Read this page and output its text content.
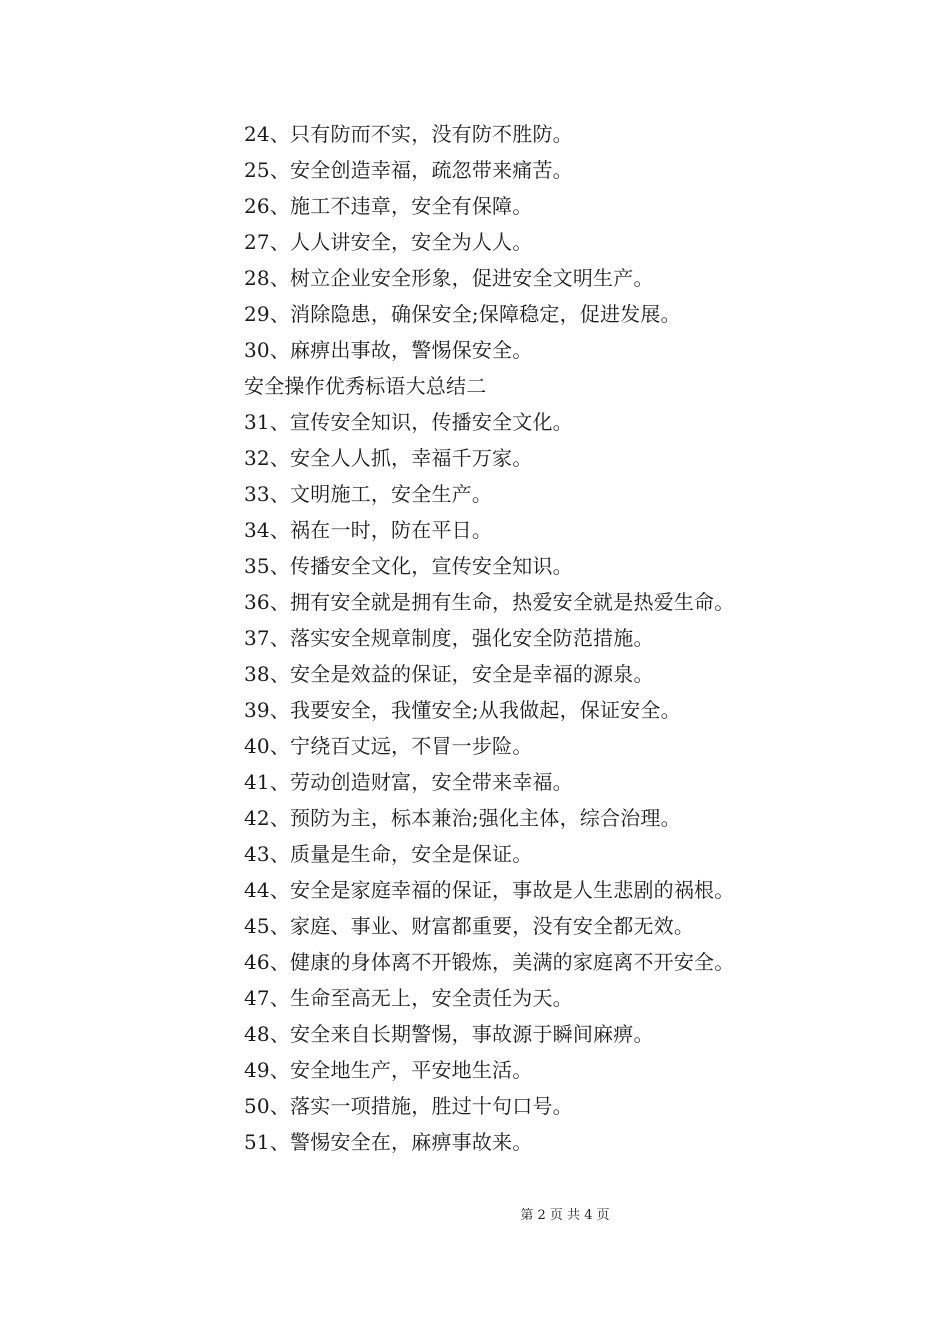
24、只有防而不实，没有防不胜防。
25、安全创造幸福，疏忽带来痛苦。
26、施工不违章，安全有保障。
27、人人讲安全，安全为人人。
28、树立企业安全形象，促进安全文明生产。
29、消除隐患，确保安全;保障稳定，促进发展。
30、麻痹出事故，警惕保安全。
安全操作优秀标语大总结二
31、宣传安全知识，传播安全文化。
32、安全人人抓，幸福千万家。
33、文明施工，安全生产。
34、祸在一时，防在平日。
35、传播安全文化，宣传安全知识。
36、拥有安全就是拥有生命，热爱安全就是热爱生命。
37、落实安全规章制度，强化安全防范措施。
38、安全是效益的保证，安全是幸福的源泉。
39、我要安全，我懂安全;从我做起，保证安全。
40、宁绕百丈远，不冒一步险。
41、劳动创造财富，安全带来幸福。
42、预防为主，标本兼治;强化主体，综合治理。
43、质量是生命，安全是保证。
44、安全是家庭幸福的保证，事故是人生悲剧的祸根。
45、家庭、事业、财富都重要，没有安全都无效。
46、健康的身体离不开锻炼，美满的家庭离不开安全。
47、生命至高无上，安全责任为天。
48、安全来自长期警惕，事故源于瞬间麻痹。
49、安全地生产，平安地生活。
50、落实一项措施，胜过十句口号。
51、警惕安全在，麻痹事故来。
第 2 页 共 4 页
